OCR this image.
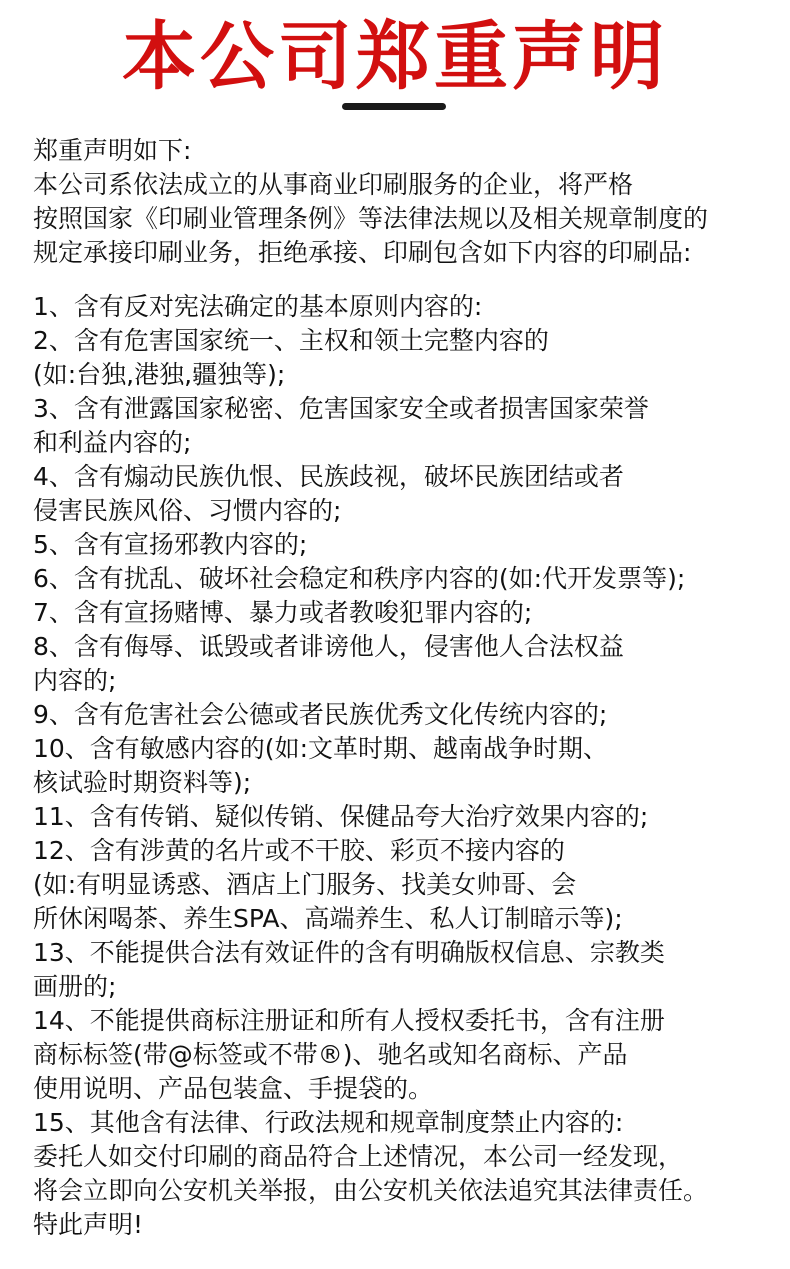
本公司郑重声明
郑重声明如下:
本公司系依法成立的从事商业印刷服务的企业，将严格
按照国家《印刷业管理条例》等法律法规以及相关规章制度的
规定承接印刷业务，拒绝承接、印刷包含如下内容的印刷品:
1、含有反对宪法确定的基本原则内容的:
2、含有危害国家统一、主权和领土完整内容的
(如:台独,港独,疆独等);
3、含有泄露国家秘密、危害国家安全或者损害国家荣誉
和利益内容的;
4、含有煽动民族仇恨、民族歧视，破坏民族团结或者
侵害民族风俗、习惯内容的;
5、含有宣扬邪教内容的;
6、含有扰乱、破坏社会稳定和秩序内容的(如:代开发票等);
7、含有宣扬赌博、暴力或者教唆犯罪内容的;
8、含有侮辱、诋毁或者诽谤他人，侵害他人合法权益
内容的;
9、含有危害社会公德或者民族优秀文化传统内容的;
10、含有敏感内容的(如:文革时期、越南战争时期、
核试验时期资料等);
11、含有传销、疑似传销、保健品夸大治疗效果内容的;
12、含有涉黄的名片或不干胶、彩页不接内容的
(如:有明显诱惑、酒店上门服务、找美女帅哥、会
所休闲喝茶、养生SPA、高端养生、私人订制暗示等);
13、不能提供合法有效证件的含有明确版权信息、宗教类
画册的;
14、不能提供商标注册证和所有人授权委托书，含有注册
商标标签(带@标签或不带®)、驰名或知名商标、产品
使用说明、产品包装盒、手提袋的。
15、其他含有法律、行政法规和规章制度禁止内容的:
委托人如交付印刷的商品符合上述情况，本公司一经发现，
将会立即向公安机关举报，由公安机关依法追究其法律责任。
特此声明!
